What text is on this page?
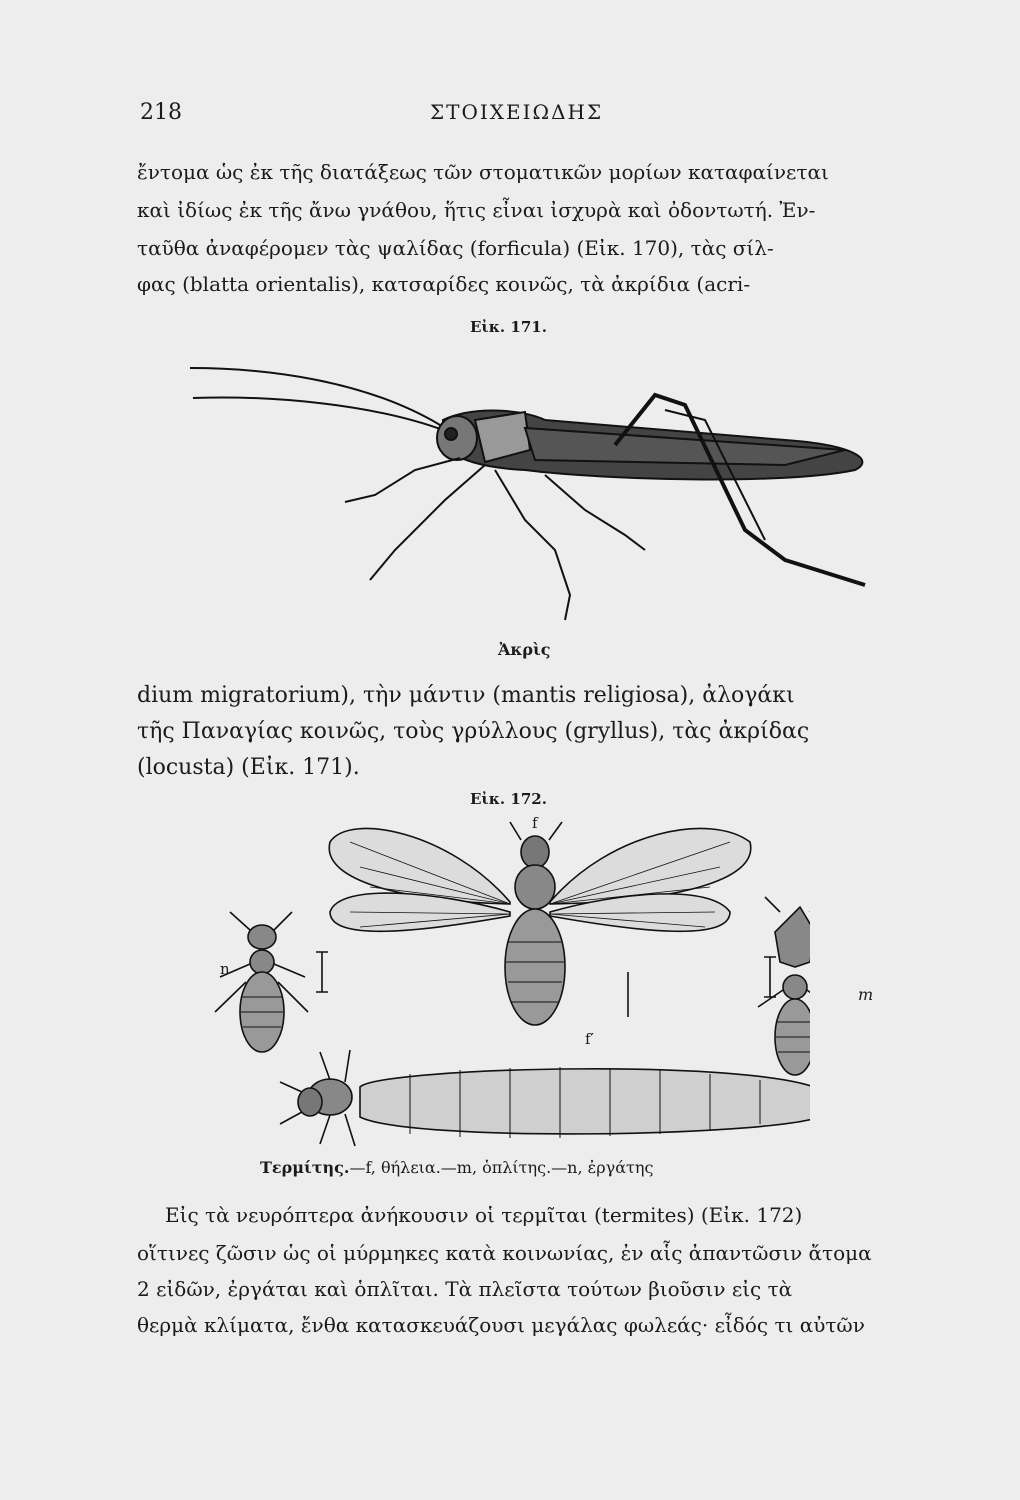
218	ΣΤΟΙΧΕΙΩΔΗΣ
ἔντομα ὡς ἐκ τῆς διατάξεως τῶν στοματικῶν μορίων καταφαίνεται
καὶ ἰδίως ἐκ τῆς ἄνω γνάθου, ἥτις εἶναι ἰσχυρὰ καὶ ὀδοντωτή. Ἐν-
ταῦθα ἀναφέρομεν τὰς ψαλίδας (forficula) (Εἰκ. 170), τὰς σίλ-
φας (blatta orientalis), κατσαρίδες κοινῶς, τὰ ἀκρίδια (acri-
Εἰκ. 171.
Ἀκρὶς
dium migratorium), τὴν μάντιν (mantis religiosa), ἀλογάκι
τῆς Παναγίας κοινῶς, τοὺς γρύλλους (gryllus), τὰς ἀκρίδας
(locusta) (Εἰκ. 171).
Εἰκ. 172.
f
f′
n
m
Τερμίτης.—f, θήλεια.—m, ὁπλίτης.—n, ἐργάτης
Εἰς τὰ νευρόπτερα ἀνήκουσιν οἱ τερμῖται (termites) (Εἰκ. 172)
οἵτινες ζῶσιν ὡς οἱ μύρμηκες κατὰ κοινωνίας, ἐν αἷς ἀπαντῶσιν ἄτομα
2 εἰδῶν, ἐργάται καὶ ὁπλῖται. Τὰ πλεῖστα τούτων βιοῦσιν εἰς τὰ
θερμὰ κλίματα, ἔνθα κατασκευάζουσι μεγάλας φωλεάς· εἶδός τι αὐτῶν
